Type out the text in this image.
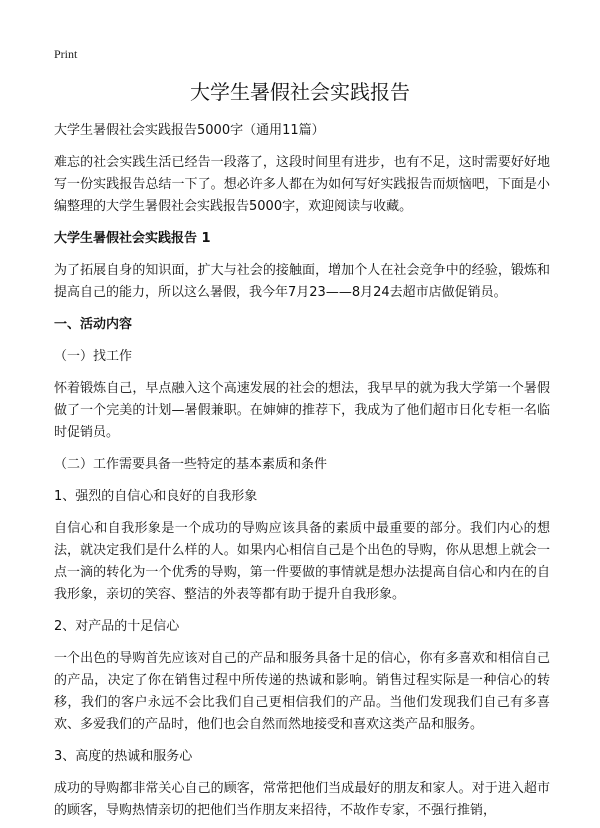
Print
大学生暑假社会实践报告

大学生暑假社会实践报告5000字（通用11篇）

难忘的社会实践生活已经告一段落了，这段时间里有进步，也有不足，这时需要好好地写一份实践报告总结一下了。想必许多人都在为如何写好实践报告而烦恼吧，下面是小编整理的大学生暑假社会实践报告5000字，欢迎阅读与收藏。

大学生暑假社会实践报告 1

为了拓展自身的知识面，扩大与社会的接触面，增加个人在社会竞争中的经验，锻炼和提高自己的能力，所以这么暑假，我今年7月23——8月24去超市店做促销员。

一、活动内容

（一）找工作

怀着锻炼自己，早点融入这个高速发展的社会的想法，我早早的就为我大学第一个暑假做了一个完美的计划—暑假兼职。在婶婶的推荐下，我成为了他们超市日化专柜一名临时促销员。

（二）工作需要具备一些特定的基本素质和条件

1、强烈的自信心和良好的自我形象

自信心和自我形象是一个成功的导购应该具备的素质中最重要的部分。我们内心的想法，就决定我们是什么样的人。如果内心相信自己是个出色的导购，你从思想上就会一点一滴的转化为一个优秀的导购，第一件要做的事情就是想办法提高自信心和内在的自我形象，亲切的笑容、整洁的外表等都有助于提升自我形象。

2、对产品的十足信心

一个出色的导购首先应该对自己的产品和服务具备十足的信心，你有多喜欢和相信自己的产品，决定了你在销售过程中所传递的热诚和影响。销售过程实际是一种信心的转移，我们的客户永远不会比我们自己更相信我们的产品。当他们发现我们自己有多喜欢、多爱我们的产品时，他们也会自然而然地接受和喜欢这类产品和服务。

3、高度的热诚和服务心

成功的导购都非常关心自己的顾客，常常把他们当成最好的朋友和家人。对于进入超市的顾客，导购热情亲切的把他们当作朋友来招待，不故作专家，不强行推销，
